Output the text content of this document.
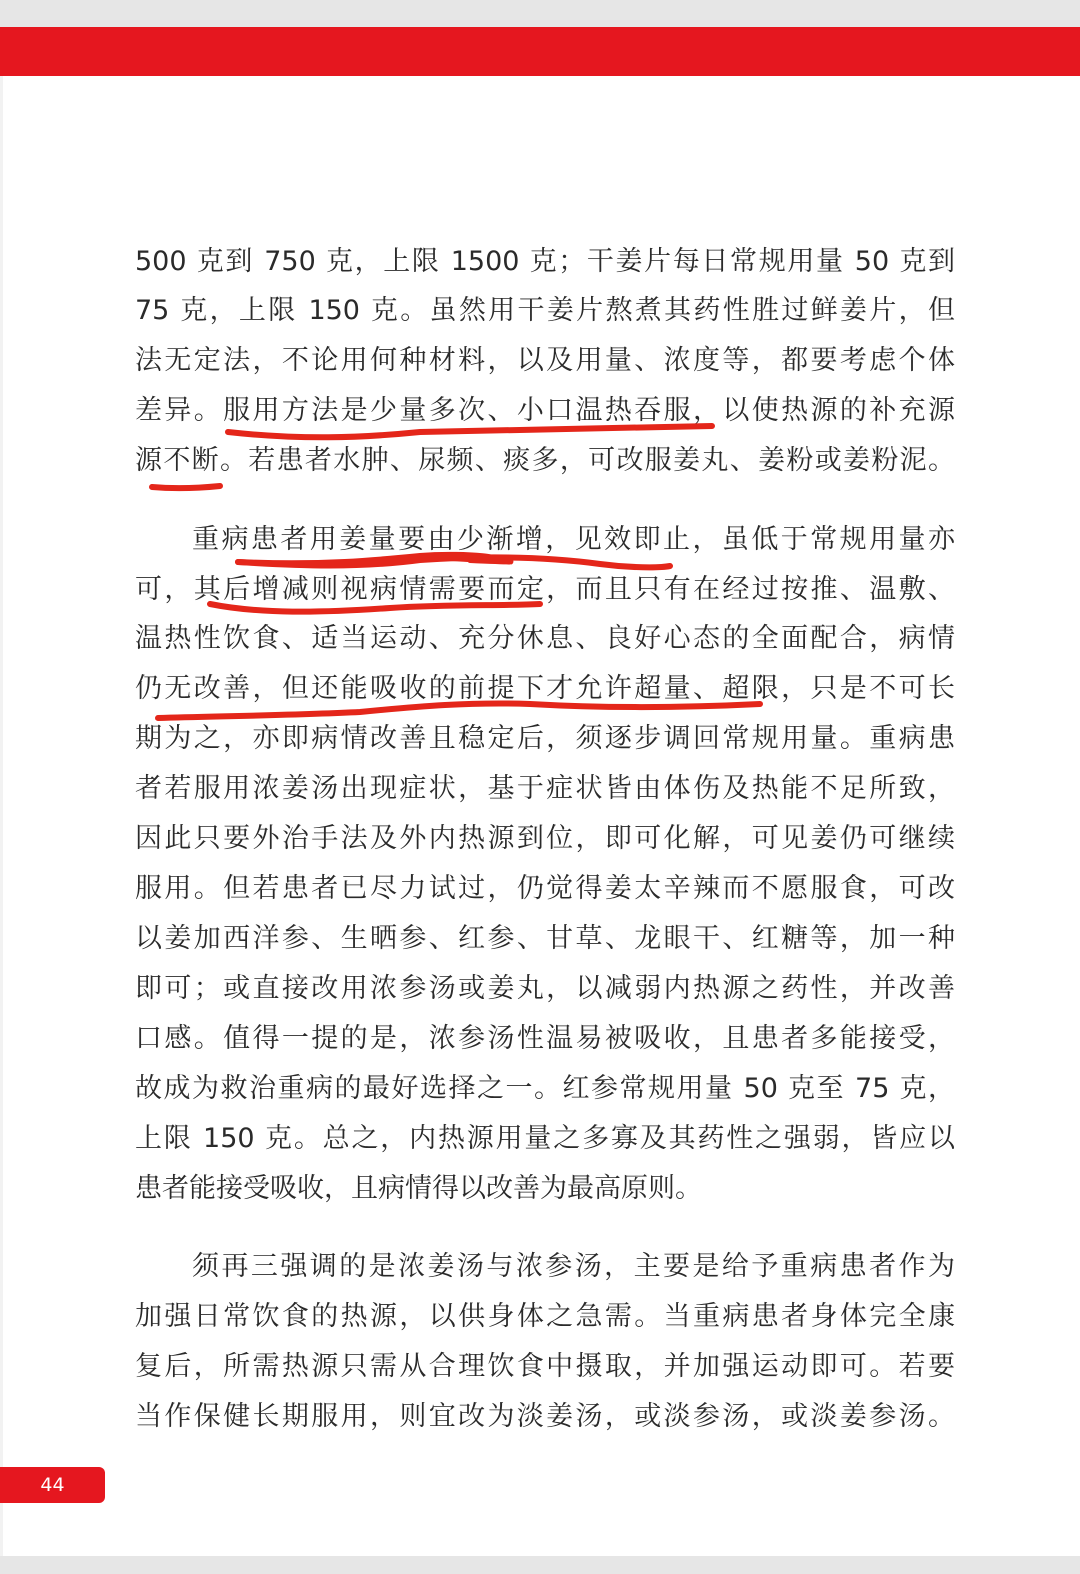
500 克到 750 克，上限 1500 克；干姜片每日常规用量 50 克到
75 克，上限 150 克。虽然用干姜片熬煮其药性胜过鲜姜片，但
法无定法，不论用何种材料，以及用量、浓度等，都要考虑个体
差异。服用方法是少量多次、小口温热吞服，以使热源的补充源
源不断。若患者水肿、尿频、痰多，可改服姜丸、姜粉或姜粉泥。
重病患者用姜量要由少渐增，见效即止，虽低于常规用量亦
可，其后增减则视病情需要而定，而且只有在经过按推、温敷、
温热性饮食、适当运动、充分休息、良好心态的全面配合，病情
仍无改善，但还能吸收的前提下才允许超量、超限，只是不可长
期为之，亦即病情改善且稳定后，须逐步调回常规用量。重病患
者若服用浓姜汤出现症状，基于症状皆由体伤及热能不足所致，
因此只要外治手法及外内热源到位，即可化解，可见姜仍可继续
服用。但若患者已尽力试过，仍觉得姜太辛辣而不愿服食，可改
以姜加西洋参、生晒参、红参、甘草、龙眼干、红糖等，加一种
即可；或直接改用浓参汤或姜丸，以减弱内热源之药性，并改善
口感。值得一提的是，浓参汤性温易被吸收，且患者多能接受，
故成为救治重病的最好选择之一。红参常规用量 50 克至 75 克，
上限 150 克。总之，内热源用量之多寡及其药性之强弱，皆应以
患者能接受吸收，且病情得以改善为最高原则。
须再三强调的是浓姜汤与浓参汤，主要是给予重病患者作为
加强日常饮食的热源，以供身体之急需。当重病患者身体完全康
复后，所需热源只需从合理饮食中摄取，并加强运动即可。若要
当作保健长期服用，则宜改为淡姜汤，或淡参汤，或淡姜参汤。
44
